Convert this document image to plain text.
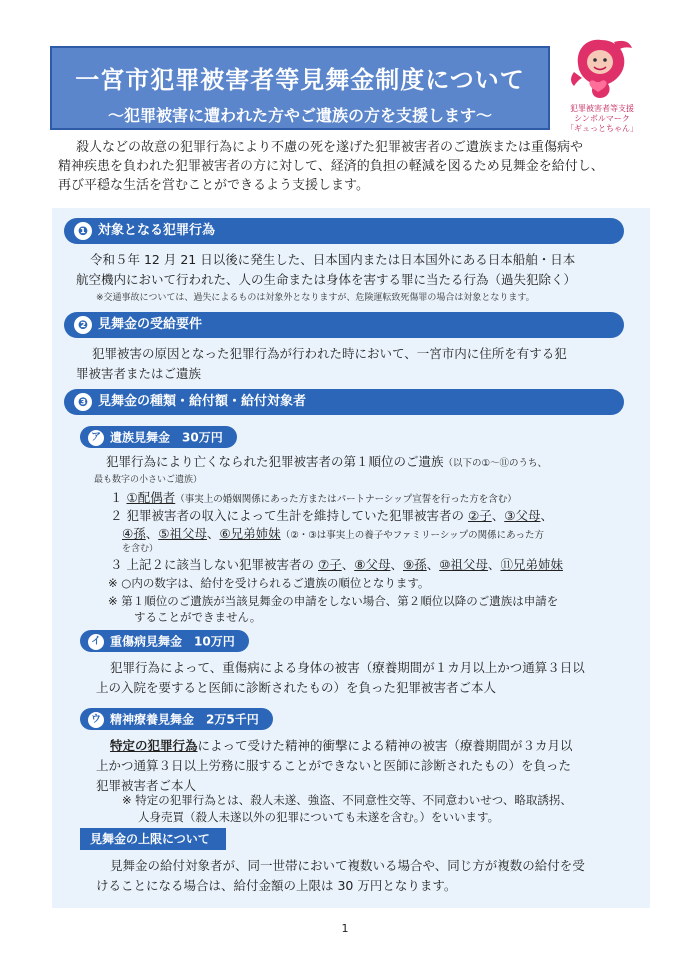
一宮市犯罪被害者等見舞金制度について
～犯罪被害に遭われた方やご遺族の方を支援します～	犯罪被害者等支援
シンボルマーク
「ギュっとちゃん」
殺人などの故意の犯罪行為により不慮の死を遂げた犯罪被害者のご遺族または重傷病や
精神疾患を負われた犯罪被害者の方に対して、経済的負担の軽減を図るため見舞金を給付し、
再び平穏な生活を営むことができるよう支援します。
❶ 対象となる犯罪行為
令和５年 12 月 21 日以後に発生した、日本国内または日本国外にある日本船舶・日本
航空機内において行われた、人の生命または身体を害する罪に当たる行為（過失犯除く）
※交通事故については、過失によるものは対象外となりますが、危険運転致死傷罪の場合は対象となります。
❷ 見舞金の受給要件
犯罪被害の原因となった犯罪行為が行われた時において、一宮市内に住所を有する犯
罪被害者またはご遺族
❸ 見舞金の種類・給付額・給付対象者
ア 遺族見舞金　30万円
犯罪行為により亡くなられた犯罪被害者の第１順位のご遺族（以下の①～⑪のうち、
最も数字の小さいご遺族）
１ ①配偶者（事実上の婚姻関係にあった方またはパートナーシップ宣誓を行った方を含む）
２ 犯罪被害者の収入によって生計を維持していた犯罪被害者の ②子、③父母、
④孫、⑤祖父母、⑥兄弟姉妹（②・③は事実上の養子やファミリーシップの関係にあった方
を含む）
３ 上記２に該当しない犯罪被害者の ⑦子、⑧父母、⑨孫、⑩祖父母、⑪兄弟姉妹
※ ○内の数字は、給付を受けられるご遺族の順位となります。
※ 第１順位のご遺族が当該見舞金の申請をしない場合、第２順位以降のご遺族は申請を
することができません。
イ 重傷病見舞金　10万円
犯罪行為によって、重傷病による身体の被害（療養期間が１カ月以上かつ通算３日以
上の入院を要すると医師に診断されたもの）を負った犯罪被害者ご本人
ウ 精神療養見舞金　2万5千円
特定の犯罪行為によって受けた精神的衝撃による精神の被害（療養期間が３カ月以
上かつ通算３日以上労務に服することができないと医師に診断されたもの）を負った
犯罪被害者ご本人
※ 特定の犯罪行為とは、殺人未遂、強盗、不同意性交等、不同意わいせつ、略取誘拐、
人身売買（殺人未遂以外の犯罪についても未遂を含む。）をいいます。
見舞金の上限について
見舞金の給付対象者が、同一世帯において複数いる場合や、同じ方が複数の給付を受
けることになる場合は、給付金額の上限は 30 万円となります。
1
